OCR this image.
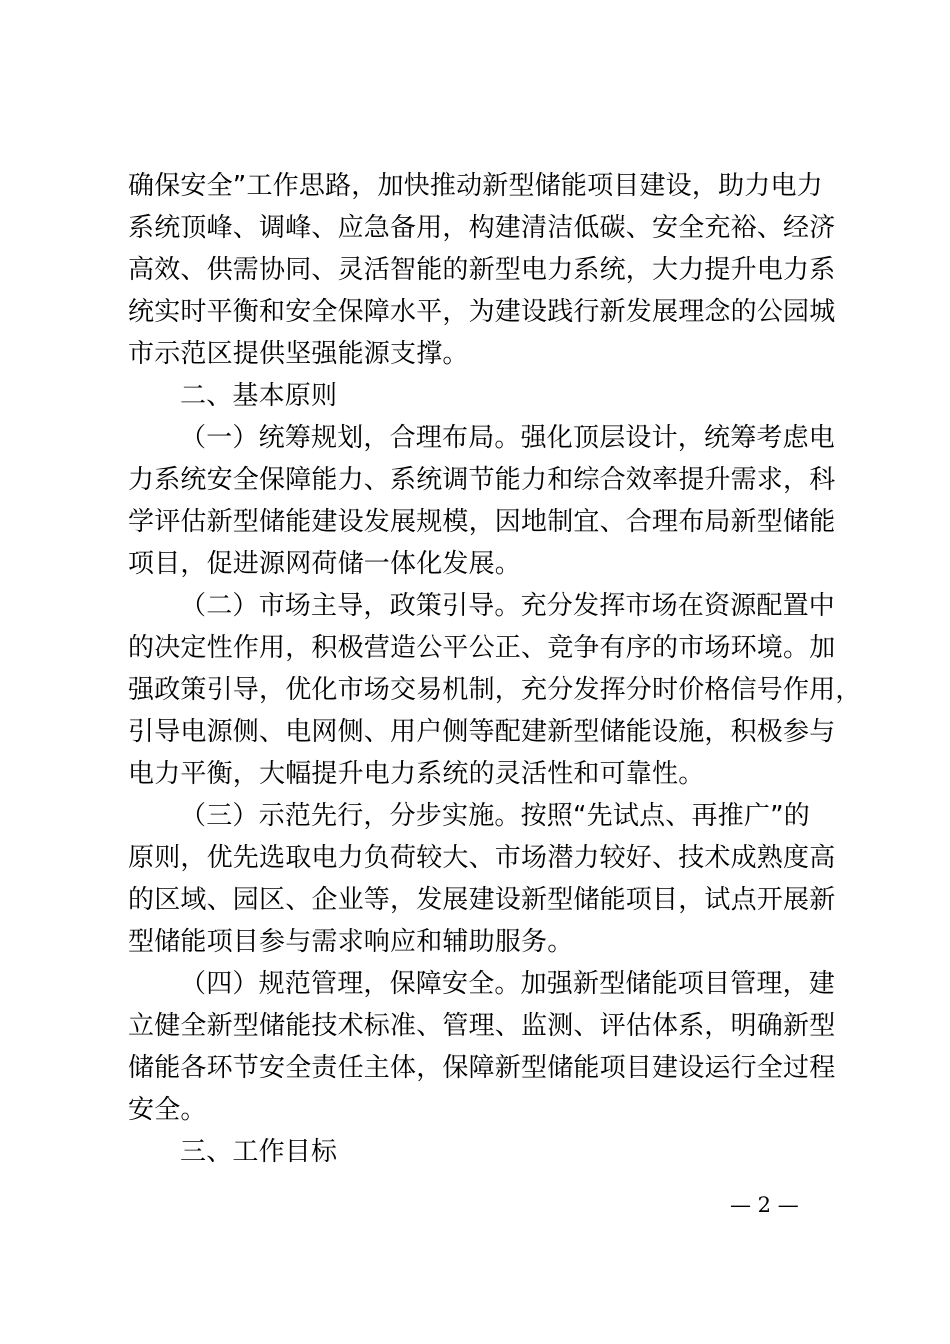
确保安全”工作思路，加快推动新型储能项目建设，助力电力
系统顶峰、调峰、应急备用，构建清洁低碳、安全充裕、经济
高效、供需协同、灵活智能的新型电力系统，大力提升电力系
统实时平衡和安全保障水平，为建设践行新发展理念的公园城
市示范区提供坚强能源支撑。
二、基本原则
（一）统筹规划，合理布局。强化顶层设计，统筹考虑电
力系统安全保障能力、系统调节能力和综合效率提升需求，科
学评估新型储能建设发展规模，因地制宜、合理布局新型储能
项目，促进源网荷储一体化发展。
（二）市场主导，政策引导。充分发挥市场在资源配置中
的决定性作用，积极营造公平公正、竞争有序的市场环境。加
强政策引导，优化市场交易机制，充分发挥分时价格信号作用，
引导电源侧、电网侧、用户侧等配建新型储能设施，积极参与
电力平衡，大幅提升电力系统的灵活性和可靠性。
（三）示范先行，分步实施。按照“先试点、再推广”的
原则，优先选取电力负荷较大、市场潜力较好、技术成熟度高
的区域、园区、企业等，发展建设新型储能项目，试点开展新
型储能项目参与需求响应和辅助服务。
（四）规范管理，保障安全。加强新型储能项目管理，建
立健全新型储能技术标准、管理、监测、评估体系，明确新型
储能各环节安全责任主体，保障新型储能项目建设运行全过程
安全。
三、工作目标
— 2 —
